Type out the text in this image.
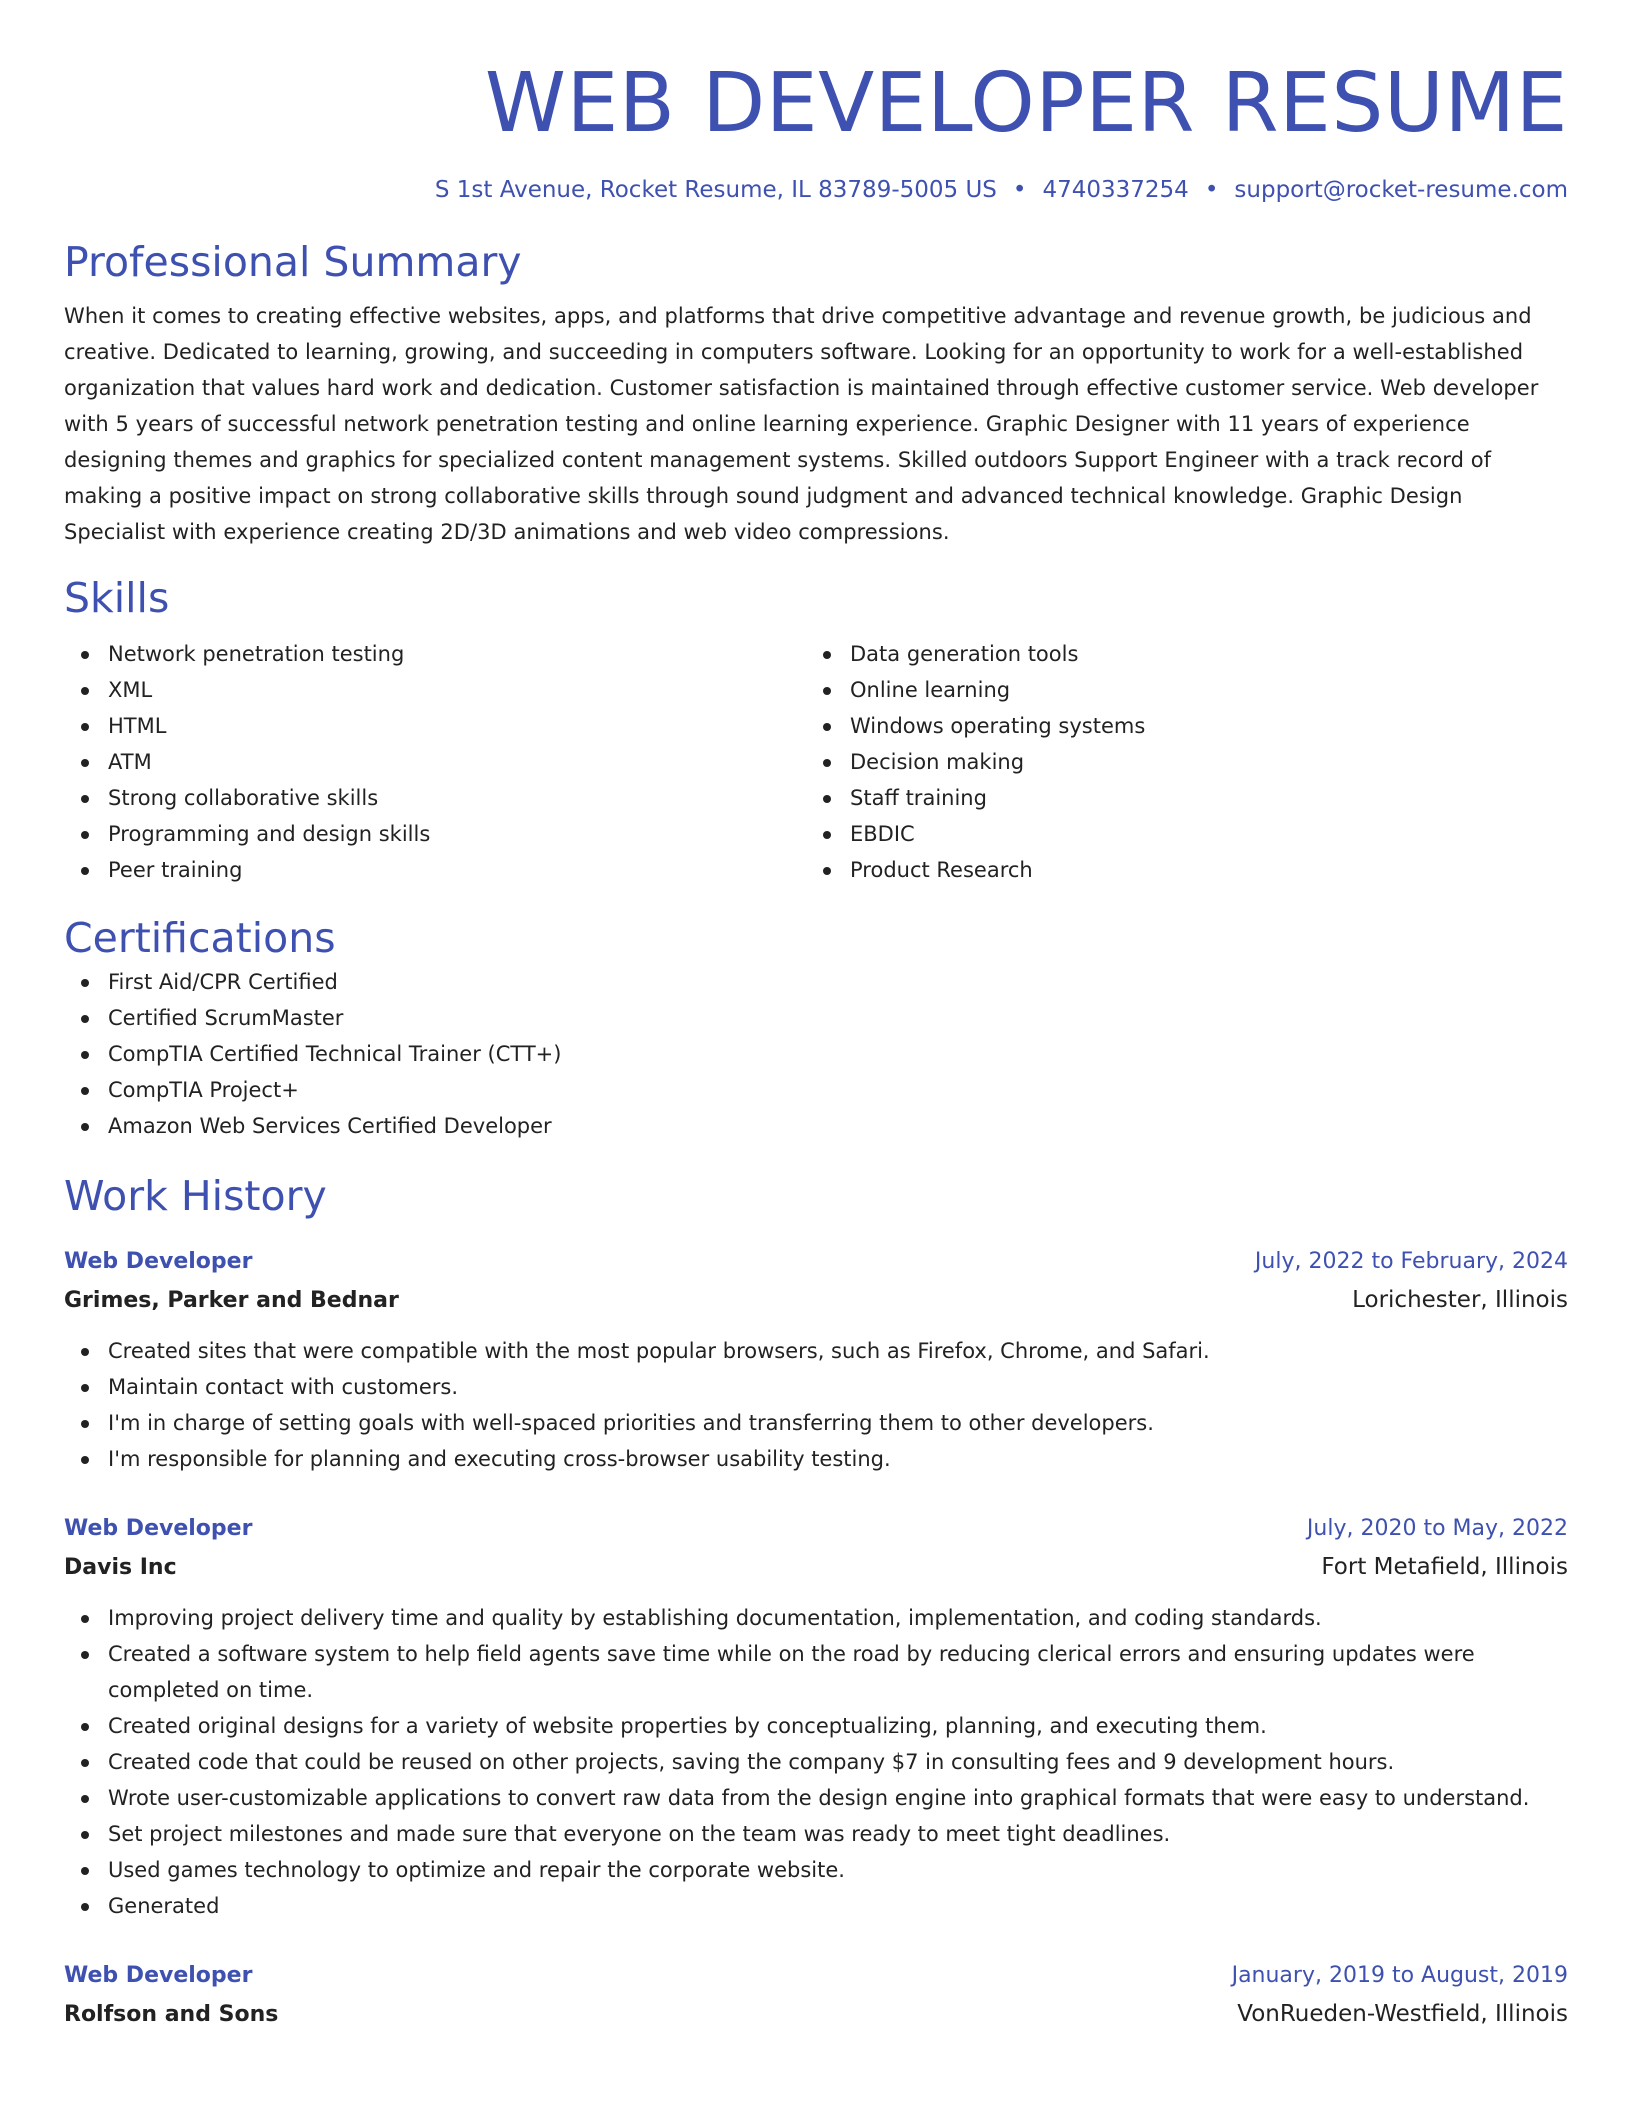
WEB DEVELOPER RESUME
S 1st Avenue, Rocket Resume, IL 83789-5005 US • 4740337254 • support@rocket-resume.com
Professional Summary

When it comes to creating effective websites, apps, and platforms that drive competitive advantage and revenue growth, be judicious and creative. Dedicated to learning, growing, and succeeding in computers software. Looking for an opportunity to work for a well-established organization that values hard work and dedication. Customer satisfaction is maintained through effective customer service. Web developer with 5 years of successful network penetration testing and online learning experience. Graphic Designer with 11 years of experience designing themes and graphics for specialized content management systems. Skilled outdoors Support Engineer with a track record of making a positive impact on strong collaborative skills through sound judgment and advanced technical knowledge. Graphic Design Specialist with experience creating 2D/3D animations and web video compressions.

Skills
Network penetration testing
XML
HTML
ATM
Strong collaborative skills
Programming and design skills
Peer training
Data generation tools
Online learning
Windows operating systems
Decision making
Staff training
EBDIC
Product Research
Certifications
First Aid/CPR Certified
Certified ScrumMaster
CompTIA Certified Technical Trainer (CTT+)
CompTIA Project+
Amazon Web Services Certified Developer
Work History
Web Developer	July, 2022 to February, 2024
Grimes, Parker and Bednar	Lorichester, Illinois
Created sites that were compatible with the most popular browsers, such as Firefox, Chrome, and Safari.
Maintain contact with customers.
I'm in charge of setting goals with well-spaced priorities and transferring them to other developers.
I'm responsible for planning and executing cross-browser usability testing.
Web Developer	July, 2020 to May, 2022
Davis Inc	Fort Metafield, Illinois
Improving project delivery time and quality by establishing documentation, implementation, and coding standards.
Created a software system to help field agents save time while on the road by reducing clerical errors and ensuring updates were completed on time.
Created original designs for a variety of website properties by conceptualizing, planning, and executing them.
Created code that could be reused on other projects, saving the company $7 in consulting fees and 9 development hours.
Wrote user-customizable applications to convert raw data from the design engine into graphical formats that were easy to understand.
Set project milestones and made sure that everyone on the team was ready to meet tight deadlines.
Used games technology to optimize and repair the corporate website.
Generated
Web Developer	January, 2019 to August, 2019
Rolfson and Sons	VonRueden-Westfield, Illinois
